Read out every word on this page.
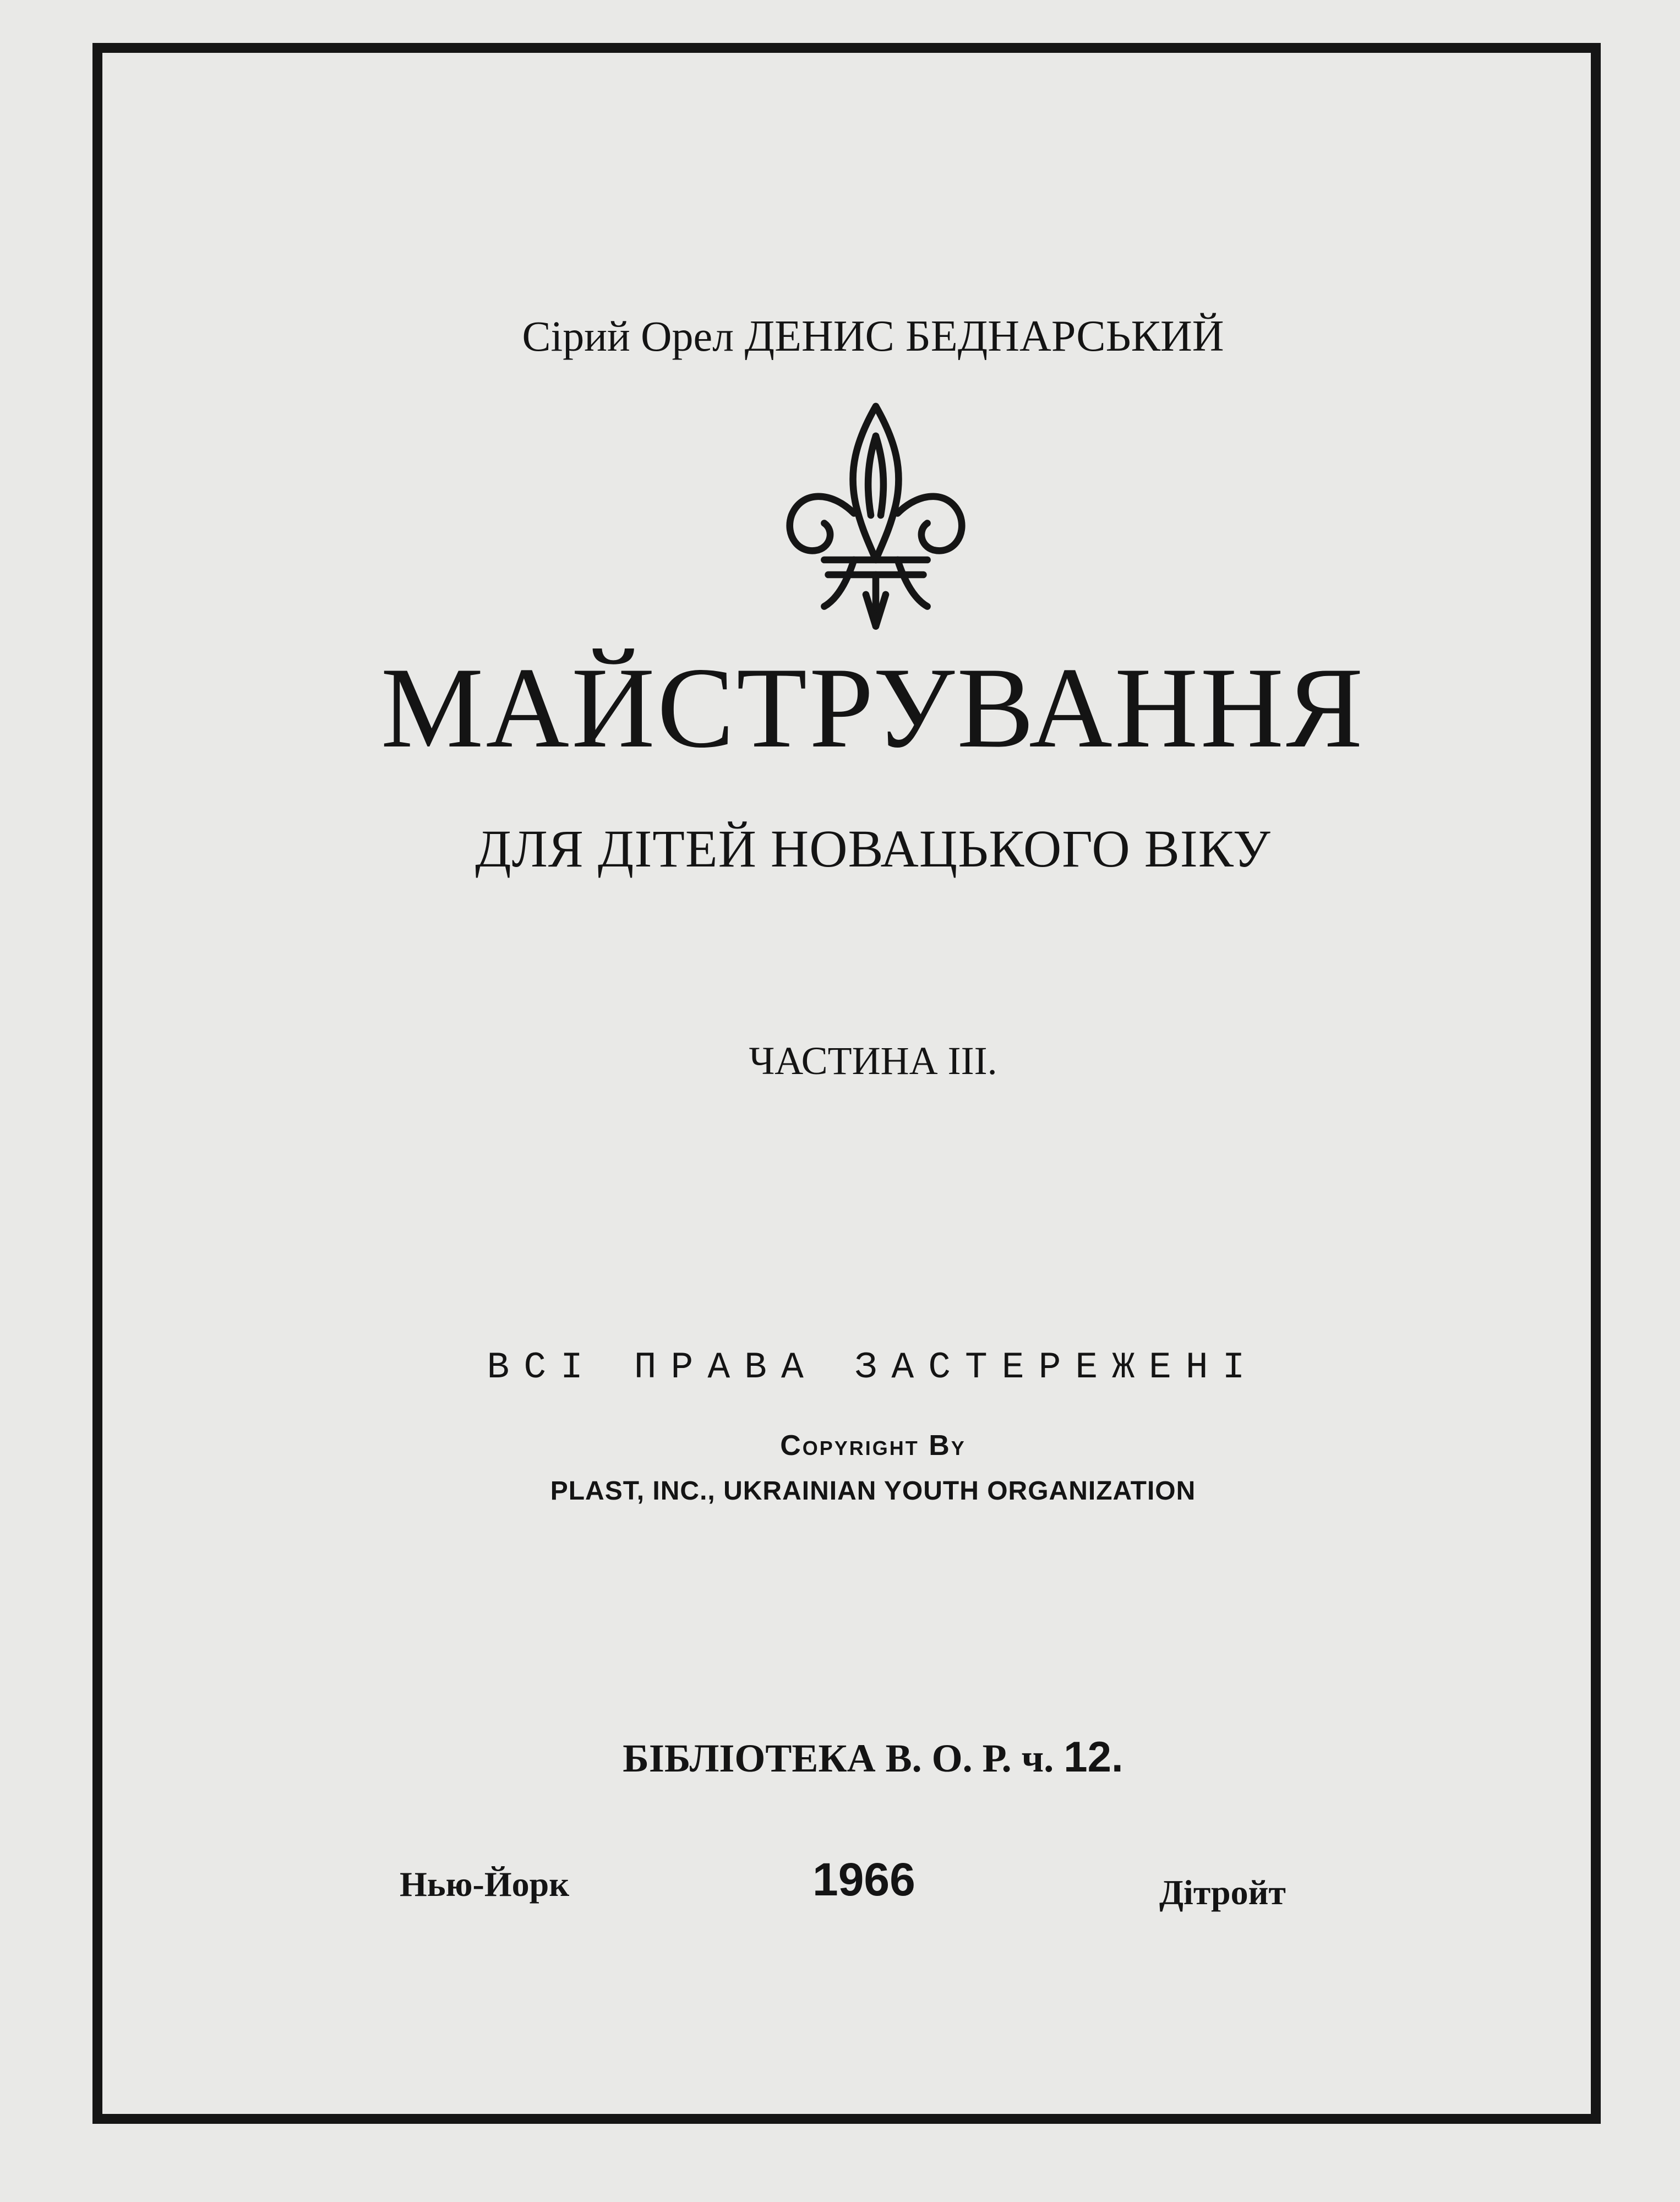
Сірий Орел ДЕНИС БЕДНАРСЬКИЙ
МАЙСТРУВАННЯ
ДЛЯ ДІТЕЙ НОВАЦЬКОГО ВІКУ
ЧАСТИНА III.
ВСІ ПРАВА ЗАСТЕРЕЖЕНІ
Copyright By
PLAST, INC., UKRAINIAN YOUTH ORGANIZATION
БІБЛІОТЕКА В. О. Р. ч. 12.
Нью-Йорк	1966	Дітройт
